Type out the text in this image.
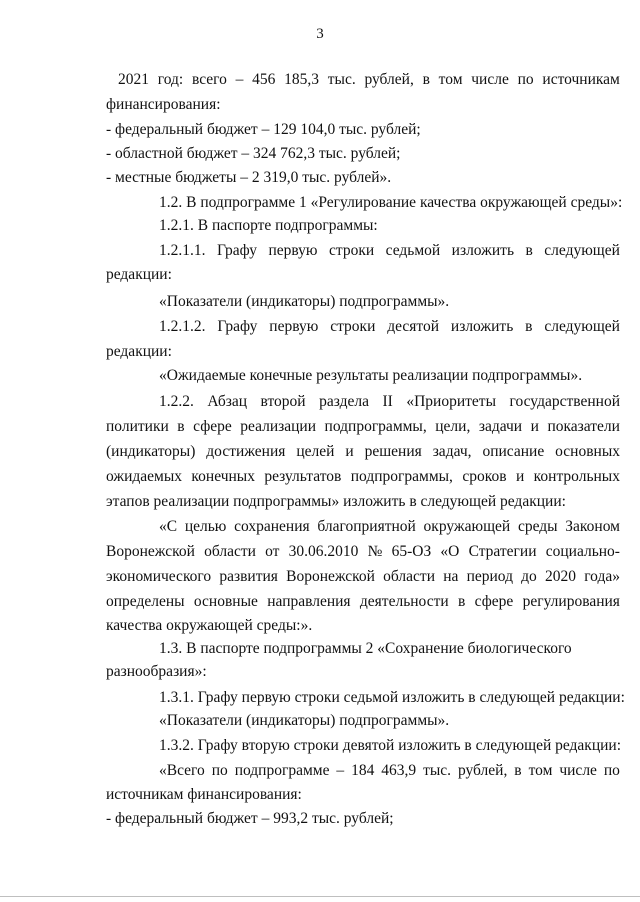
3
2021 год: всего – 456 185,3 тыс. рублей, в том числе по источникам
финансирования:
- федеральный бюджет – 129 104,0 тыс. рублей;
- областной бюджет – 324 762,3 тыс. рублей;
- местные бюджеты – 2 319,0 тыс. рублей».
1.2. В подпрограмме 1 «Регулирование качества окружающей среды»:
1.2.1. В паспорте подпрограммы:
1.2.1.1. Графу первую строки седьмой изложить в следующей
редакции:
«Показатели (индикаторы) подпрограммы».
1.2.1.2. Графу первую строки десятой изложить в следующей
редакции:
«Ожидаемые конечные результаты реализации подпрограммы».
1.2.2. Абзац второй раздела II «Приоритеты государственной
политики в сфере реализации подпрограммы, цели, задачи и показатели
(индикаторы) достижения целей и решения задач, описание основных
ожидаемых конечных результатов подпрограммы, сроков и контрольных
этапов реализации подпрограммы» изложить в следующей редакции:
«С целью сохранения благоприятной окружающей среды Законом
Воронежской области от 30.06.2010 № 65-ОЗ «О Стратегии социально-
экономического развития Воронежской области на период до 2020 года»
определены основные направления деятельности в сфере регулирования
качества окружающей среды:».
1.3. В паспорте подпрограммы 2 «Сохранение биологического
разнообразия»:
1.3.1. Графу первую строки седьмой изложить в следующей редакции:
«Показатели (индикаторы) подпрограммы».
1.3.2. Графу вторую строки девятой изложить в следующей редакции:
«Всего по подпрограмме – 184 463,9 тыс. рублей, в том числе по
источникам финансирования:
- федеральный бюджет – 993,2 тыс. рублей;
